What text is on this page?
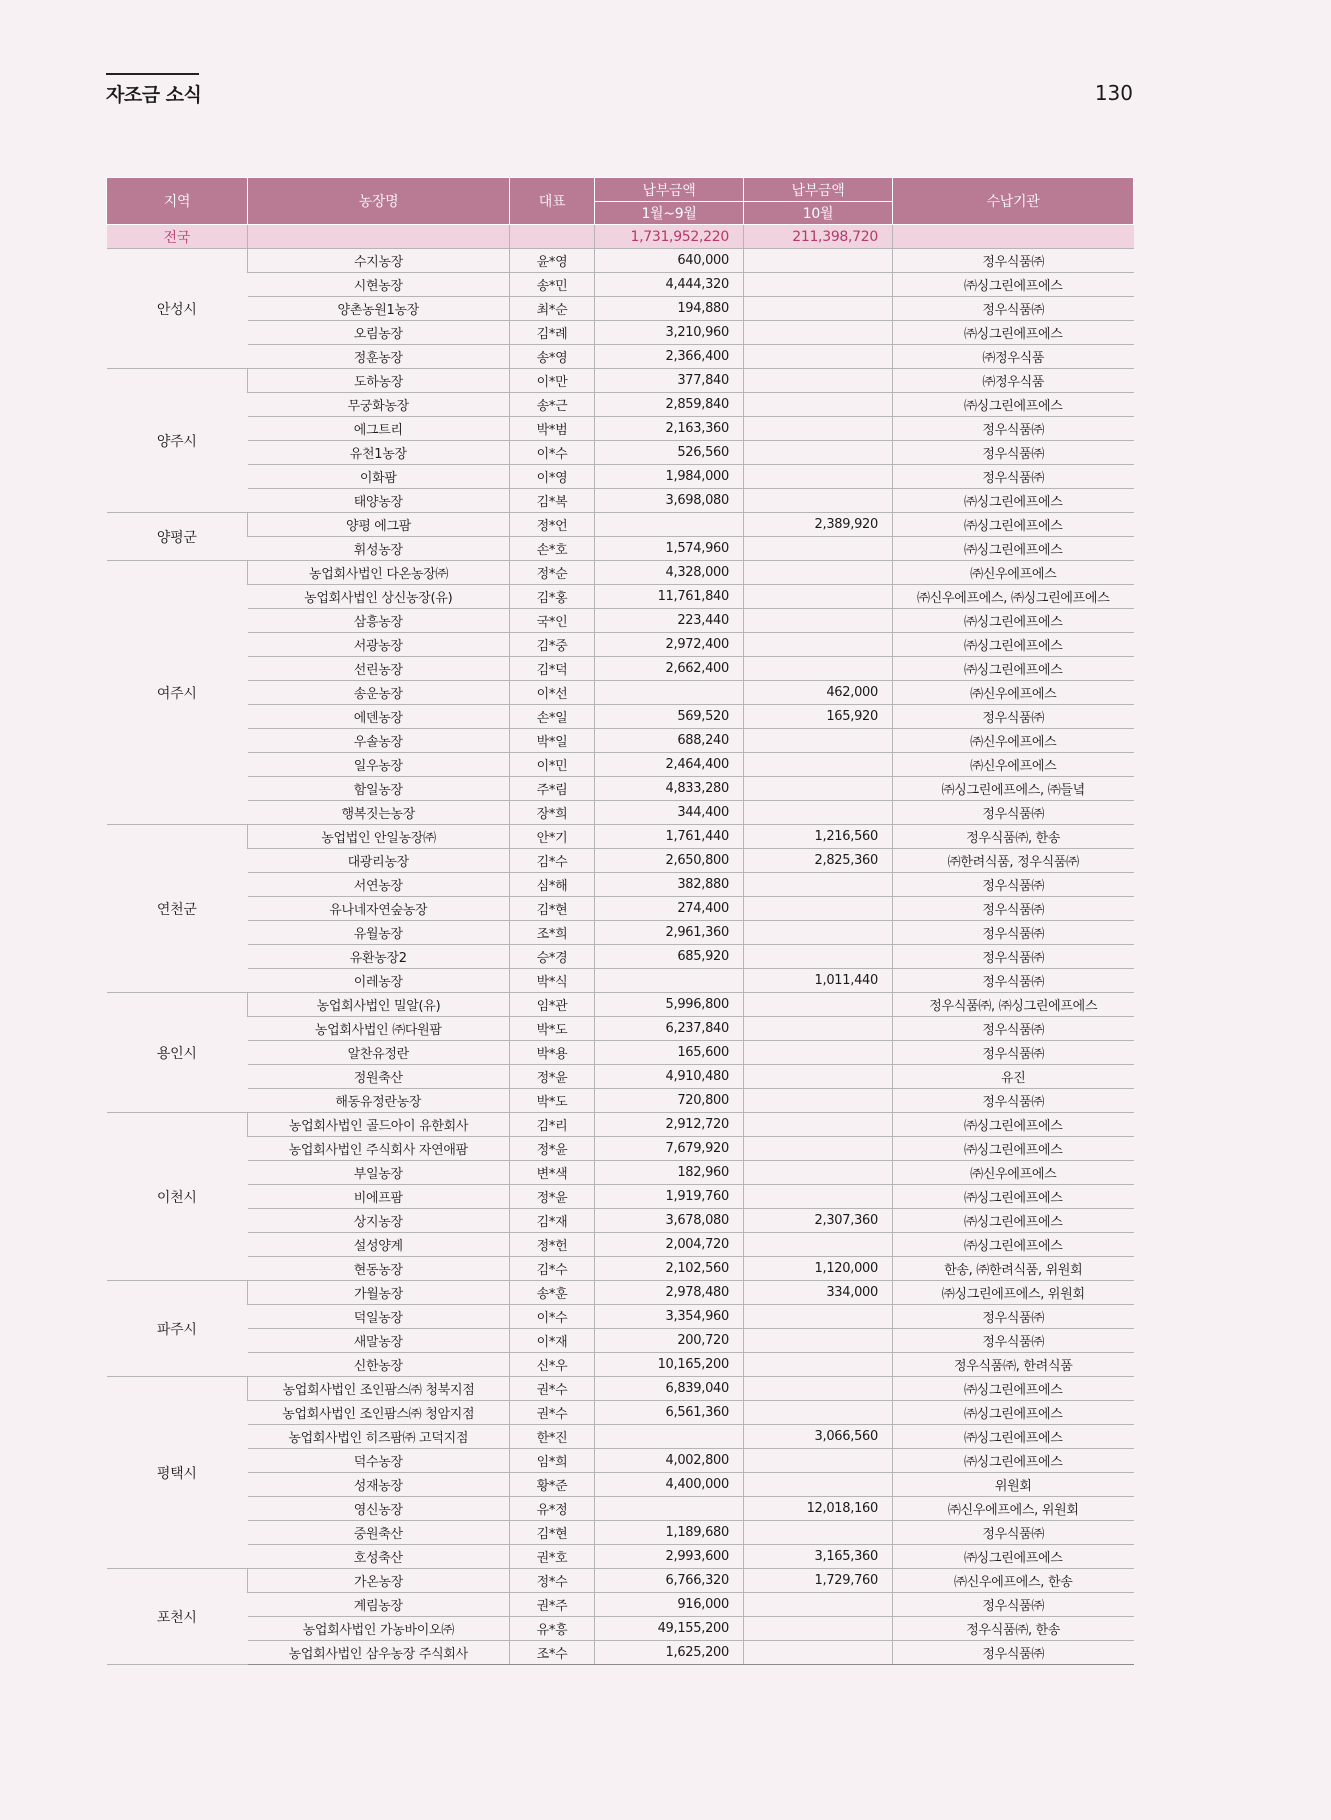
자조금 소식	130
지역	농장명	대표	납부금액	납부금액	수납기관
			1월~9월	10월	
전국			1,731,952,220	211,398,720	
안성시	수지농장	윤*영	640,000		정우식품㈜
	시현농장	송*민	4,444,320		㈜싱그린에프에스
	양촌농원1농장	최*순	194,880		정우식품㈜
	오림농장	김*례	3,210,960		㈜싱그린에프에스
	정훈농장	송*영	2,366,400		㈜정우식품
양주시	도하농장	이*만	377,840		㈜정우식품
	무궁화농장	송*근	2,859,840		㈜싱그린에프에스
	에그트리	박*범	2,163,360		정우식품㈜
	유천1농장	이*수	526,560		정우식품㈜
	이화팜	이*영	1,984,000		정우식품㈜
	태양농장	김*복	3,698,080		㈜싱그린에프에스
양평군	양평 에그팜	정*언		2,389,920	㈜싱그린에프에스
	휘성농장	손*호	1,574,960		㈜싱그린에프에스
여주시	농업회사법인 다온농장㈜	정*순	4,328,000		㈜신우에프에스
	농업회사법인 상신농장(유)	김*홍	11,761,840		㈜신우에프에스, ㈜싱그린에프에스
	삼흥농장	국*인	223,440		㈜싱그린에프에스
	서광농장	김*중	2,972,400		㈜싱그린에프에스
	선린농장	김*덕	2,662,400		㈜싱그린에프에스
	송운농장	이*선		462,000	㈜신우에프에스
	에덴농장	손*일	569,520	165,920	정우식품㈜
	우솔농장	박*일	688,240		㈜신우에프에스
	일우농장	이*민	2,464,400		㈜신우에프에스
	함일농장	주*림	4,833,280		㈜싱그린에프에스, ㈜들녘
	행복짓는농장	장*희	344,400		정우식품㈜
연천군	농업법인 안일농장㈜	안*기	1,761,440	1,216,560	정우식품㈜, 한송
	대광리농장	김*수	2,650,800	2,825,360	㈜한려식품, 정우식품㈜
	서연농장	심*해	382,880		정우식품㈜
	유나네자연숲농장	김*현	274,400		정우식품㈜
	유월농장	조*희	2,961,360		정우식품㈜
	유환농장2	승*경	685,920		정우식품㈜
	이레농장	박*식		1,011,440	정우식품㈜
용인시	농업회사법인 밀알(유)	임*관	5,996,800		정우식품㈜, ㈜싱그린에프에스
	농업회사법인 ㈜다원팜	박*도	6,237,840		정우식품㈜
	알찬유정란	박*용	165,600		정우식품㈜
	정원축산	정*윤	4,910,480		유진
	해동유정란농장	박*도	720,800		정우식품㈜
이천시	농업회사법인 골드아이 유한회사	김*리	2,912,720		㈜싱그린에프에스
	농업회사법인 주식회사 자연애팜	정*윤	7,679,920		㈜싱그린에프에스
	부일농장	변*색	182,960		㈜신우에프에스
	비에프팜	정*윤	1,919,760		㈜싱그린에프에스
	상지농장	김*재	3,678,080	2,307,360	㈜싱그린에프에스
	설성양계	정*헌	2,004,720		㈜싱그린에프에스
	현동농장	김*수	2,102,560	1,120,000	한송, ㈜한려식품, 위원회
파주시	가월농장	송*훈	2,978,480	334,000	㈜싱그린에프에스, 위원회
	덕일농장	이*수	3,354,960		정우식품㈜
	새말농장	이*재	200,720		정우식품㈜
	신한농장	신*우	10,165,200		정우식품㈜, 한려식품
평택시	농업회사법인 조인팜스㈜ 청북지점	권*수	6,839,040		㈜싱그린에프에스
	농업회사법인 조인팜스㈜ 청암지점	권*수	6,561,360		㈜싱그린에프에스
	농업회사법인 히즈팜㈜ 고덕지점	한*진		3,066,560	㈜싱그린에프에스
	덕수농장	임*희	4,002,800		㈜싱그린에프에스
	성재농장	황*준	4,400,000		위원회
	영신농장	유*정		12,018,160	㈜신우에프에스, 위원회
	중원축산	김*현	1,189,680		정우식품㈜
	호성축산	권*호	2,993,600	3,165,360	㈜싱그린에프에스
포천시	가온농장	정*수	6,766,320	1,729,760	㈜신우에프에스, 한송
	계림농장	권*주	916,000		정우식품㈜
	농업회사법인 가농바이오㈜	유*흥	49,155,200		정우식품㈜, 한송
	농업회사법인 삼우농장 주식회사	조*수	1,625,200		정우식품㈜
